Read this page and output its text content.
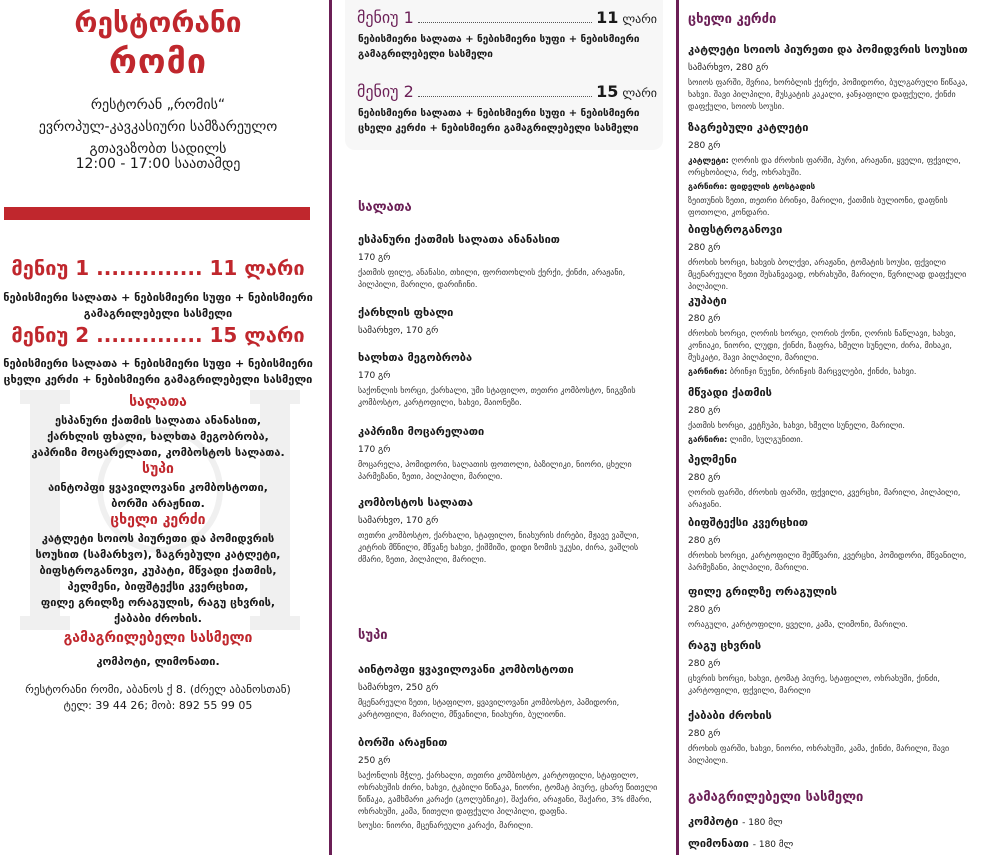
რესტორანი
რომი
რესტორან „რომის“
ევროპულ-კავკასიური სამზარეულო
გთავაზობთ სადილს
12:00 - 17:00 საათამდე
მენიუ 1 .............. 11 ლარი
ნებისმიერი სალათა + ნებისმიერი სუფი + ნებისმიერი
გამაგრილებელი სასმელი
მენიუ 2 .............. 15 ლარი
ნებისმიერი სალათა + ნებისმიერი სუფი + ნებისმიერი
ცხელი კერძი + ნებისმიერი გამაგრილებელი სასმელი
სალათა
ესპანური ქათმის სალათა ანანასით,
ქარხლის ფხალი, ხალხთა მეგობრობა,
კაპრიზი მოცარელათი, კომბოსტოს სალათა.
სუპი
აინტოპფი ყვავილოვანი კომბოსტოთი,
ბორში არაჟნით.
ცხელი კერძი
კატლეტი სოიოს პიურეთი და პომიდვრის
სოუსით (სამარხვო), ზაგრებული კატლეტი,
ბიფსტროგანოვი, კუპატი, მწვადი ქათმის,
პელმენი, ბიფშტექსი კვერცხით,
ფილე გრილზე ორაგულის, რაგუ ცხვრის,
ქაბაბი ძროხის.
გამაგრილებელი სასმელი
კომპოტი, ლიმონათი.
რესტორანი რომი, აბანოს ქ 8. (ძრელ აბანოსთან)
ტელ: 39 44 26; მობ: 892 55 99 05
მენიუ 1	11 ლარი
ნებისმიერი სალათა + ნებისმიერი სუფი + ნებისმიერი
გამაგრილებელი სასმელი
მენიუ 2	15 ლარი
ნებისმიერი სალათა + ნებისმიერი სუფი + ნებისმიერი
ცხელი კერძი + ნებისმიერი გამაგრილებელი სასმელი
სალათა
ესპანური ქათმის სალათა ანანასით
170 გრ
ქათმის ფილე, ანანასი, თხილი, ფორთოხლის ქერქი, ქინძი, არაჟანი, პილპილი, მარილი, დარიჩინი.
ქარხლის ფხალი
სამარხვო, 170 გრ
ხალხთა მეგობრობა
170 გრ
საქონლის ხორცი, ქარხალი, უმი სტაფილო, თეთრი კომბოსტო, ნიგვზის კომბოსტო, კარტოფილი, ხახვი, მაიონეზი.
კაპრიზი მოცარელათი
170 გრ
მოცარელა, პომიდორი, სალათის ფოთოლი, ბაზილიკი, ნიორი, ცხელი პარმეზანი, ზეთი, პილპილი, მარილი.
კომბოსტოს სალათა
სამარხვო, 170 გრ
თეთრი კომბოსტო, ქარხალი, სტაფილო, ნიახურის ძირები, მჟავე ვაშლი, კიტრის მწნილი, მწვანე ხახვი, ქიშმიში, დიდი ზომის უკუსი, ძირა, ვაშლის ძმარი, ზეთი, პილპილი, მარილი.
სუპი
აინტოპფი ყვავილოვანი კომბოსტოთი
სამარხვო, 250 გრ
მცენარეული ზეთი, სტაფილო, ყვავილოვანი კომბოსტო, პამიდორი, კარტოფილი, მარილი, მწვანილი, ნიახური, ბულიონი.
ბორში არაჟნით
250 გრ
საქონლის მჭლე, ქარხალი, თეთრი კომბოსტო, კარტოფილი, სტაფილო, ოხრახუშის ძირი, ხახვი, ტკბილი წიწაკა, ნიორი, ტომატ პიურე, ცხარე წითელი წიწაკა, გამხმარი კარაქი (გოლუბნიკი), შაქარი, არაჟანი, შაქარი, 3% ძმარი, ოხრახუში, კამა, წითელი დაფქული პილპილი, დაფნა.
სოუსი: ნიორი, მცენარეული კარაქი, მარილი.
ცხელი კერძი
კატლეტი სოიოს პიურეთი და პომიდვრის სოუსით
სამარხვო, 280 გრ
სოიოს ფარში, შვრია, ხორბლის ქერქი, პომიდორი, ბულგარული წიწაკა, ხახვი. შავი პილპილი, მუსკატის კაკალი, ჯანჯაფილი დაფქული, ქინძი დაფქული, სოიოს სოუსი.
ზაგრებული კატლეტი
280 გრ
კატლეტი: ღორის და ძროხის ფარში, პური, არაჟანი, ყველი, ფქვილი, ორცხობილა, რძე, ოხრახუში.
გარნირი: ფიდელის ტოსტადის
ზეითუნის ზეთი, თეთრი ბრინჯი, მარილი, ქათმის ბულიონი, დაფნის ფოთოლი, კონდარი.
ბიფსტროგანოვი
280 გრ
ძროხის ხორცი, ხახვის ბოლქვი, არაჟანი, ტომატის სოუსი, ფქვილი მცენარეული ზეთი შესანვავად, ოხრახუში, მარილი, წვრილად დაფქული პილპილი.
კუპატი
280 გრ
ძროხის ხორცი, ღორის ხორცი, ღორის ქონი, ღორის ნაწლავი, ხახვი, კონიაკი, ნიორი, ლუდი, ქინძი, ზაფრა, ხმელი სუნელი, ძირა, მიხაკი, მუსკატი, შავი პილპილი, მარილი.
გარნირი: ბრინჯი ნუენი, ბრინჯის მარცვლები, ქინძი, ხახვი.
მწვადი ქათმის
280 გრ
ქათმის ხორცი, კეტჩუპი, ხახვი, ხმელი სუნელი, მარილი.
გარნირი: ლიმი, სულგუნითი.
პელმენი
280 გრ
ღორის ფარში, ძროხის ფარში, ფქვილი, კვერცხი, მარილი, პილპილი, არაჟანი.
ბიფშტექსი კვერცხით
280 გრ
ძროხის ხორცი, კარტოფილი შემწვარი, კვერცხი, პომიდორი, მწვანილი, პარმეზანი, პილპილი, მარილი.
ფილე გრილზე ორაგულის
280 გრ
ორაგული, კარტოფილი, ყველი, კამა, ლიმონი, მარილი.
რაგუ ცხვრის
280 გრ
ცხვრის ხორცი, ხახვი, ტომატ პიურე, სტაფილო, ოხრახუში, ქინძი, კარტოფილი, ფქვილი, მარილი
ქაბაბი ძროხის
280 გრ
ძროხის ფარში, ხახვი, ნიორი, ოხრახუში, კამა, ქინძი, მარილი, შავი პილპილი.
გამაგრილებელი სასმელი
კომპოტი - 180 მლ
ლიმონათი - 180 მლ
